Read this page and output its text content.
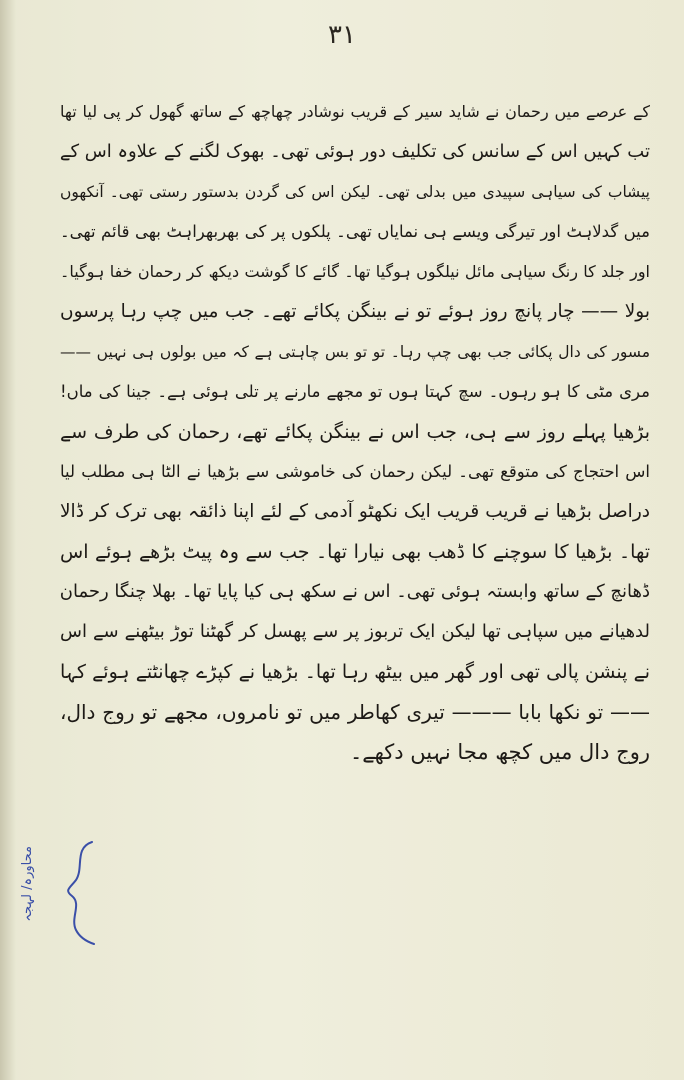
۳۱
کے عرصے میں رحمان نے شاید سیر کے قریب نوشادر چھاچھ کے ساتھ گھول کر پی لیا تھا
تب کہیں اس کے سانس کی تکلیف دور ہوئی تھی۔ بھوک لگنے کے علاوہ اس کے
پیشاب کی سیاہی سپیدی میں بدلی تھی۔ لیکن اس کی گردن بدستور رستی تھی۔ آنکھوں
میں گدلاہٹ اور تیرگی ویسے ہی نمایاں تھی۔ پلکوں پر کی بھربھراہٹ بھی قائم تھی۔
اور جلد کا رنگ سیاہی مائل نیلگوں ہوگیا تھا۔ گائے کا گوشت دیکھ کر رحمان خفا ہوگیا۔
بولا —— چار پانچ روز ہوئے تو نے بینگن پکائے تھے۔ جب میں چپ رہا پرسوں
مسور کی دال پکائی جب بھی چپ رہا۔ تو تو بس چاہتی ہے کہ میں بولوں ہی نہیں ——
مری مٹی کا ہو رہوں۔ سچ کہتا ہوں تو مجھے مارنے پر تلی ہوئی ہے۔ جینا کی ماں!
بڑھیا پہلے روز سے ہی، جب اس نے بینگن پکائے تھے، رحمان کی طرف سے
اس احتجاج کی متوقع تھی۔ لیکن رحمان کی خاموشی سے بڑھیا نے الٹا ہی مطلب لیا
دراصل بڑھیا نے قریب قریب ایک نکھٹو آدمی کے لئے اپنا ذائقہ بھی ترک کر ڈالا
تھا۔ بڑھیا کا سوچنے کا ڈھب بھی نیارا تھا۔ جب سے وہ پیٹ بڑھے ہوئے اس
ڈھانچ کے ساتھ وابستہ ہوئی تھی۔ اس نے سکھ ہی کیا پایا تھا۔ بھلا چنگا رحمان
لدھیانے میں سپاہی تھا لیکن ایک تربوز پر سے پھسل کر گھٹنا توڑ بیٹھنے سے اس
نے پنشن پالی تھی اور گھر میں بیٹھ رہا تھا۔ بڑھیا نے کپڑے چھانٹتے ہوئے کہا
—— تو نکھا بابا ——— تیری کھاطر میں تو نامروں، مجھے تو روج دال،
روج دال میں کچھ مجا نہیں دکھے۔
محاورہ/ لہجہ
